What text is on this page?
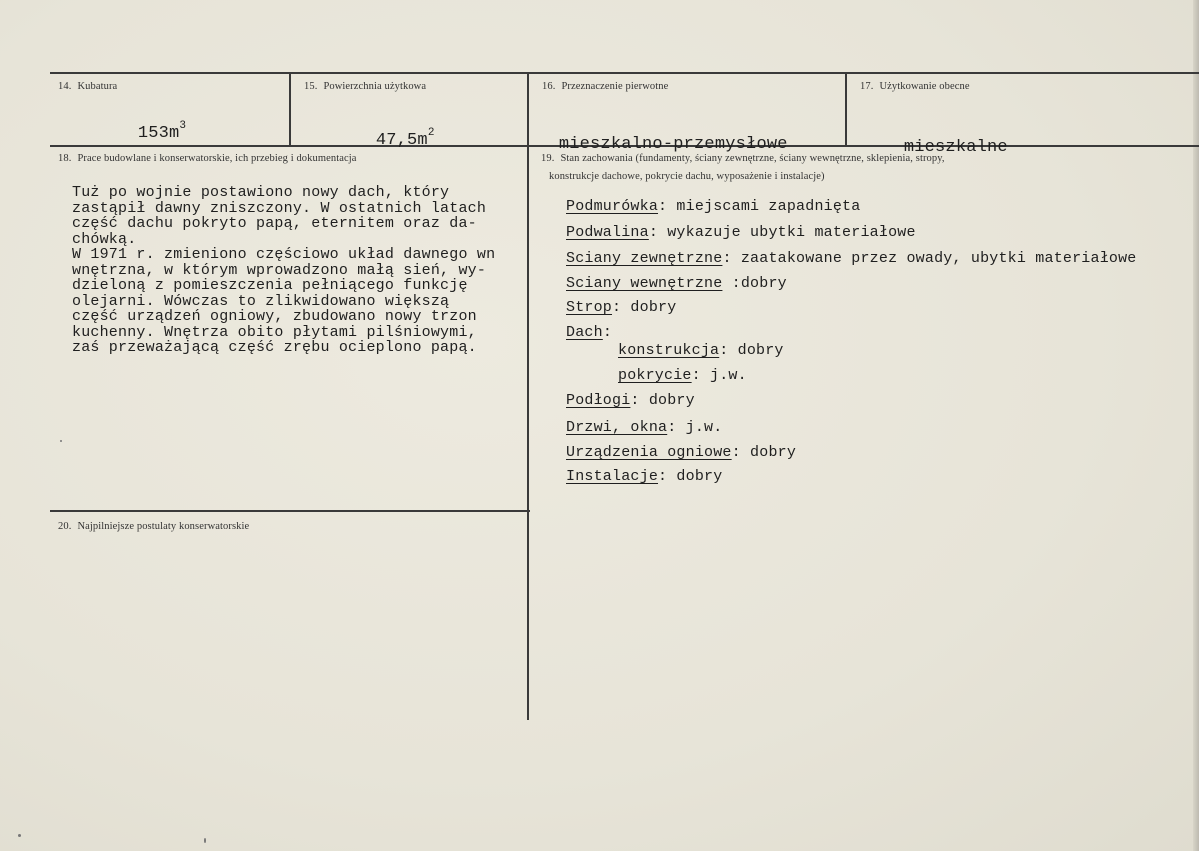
14. Kubatura

$153m^3$

15. Powierzchnia użytkowa

$47,5m^2$

16. Przeznaczenie pierwotne

mieszkalno-przemysłowe

17. Użytkowanie obecne

mieszkalne

18. Prace budowlane i konserwatorskie, ich przebieg i dokumentacja
Tuż po wojnie postawiono nowy dach, który
zastąpił dawny zniszczony. W ostatnich latach
część dachu pokryto papą, eternitem oraz da-
chówką.
W 1971 r. zmieniono częściowo układ dawnego wn
wnętrzna, w którym wprowadzono małą sień, wy-
dzieloną z pomieszczenia pełniącego funkcję
olejarni. Wówczas to zlikwidowano większą
część urządzeń ogniowy, zbudowano nowy trzon
kuchenny. Wnętrza obito płytami pilśniowymi,
zaś przeważającą część zrębu ocieplono papą.
19. Stan zachowania (fundamenty, ściany zewnętrzne, ściany wewnętrzne, sklepienia, stropy,
konstrukcje dachowe, pokrycie dachu, wyposażenie i instalacje)
Podmurówka: miejscami zapadnięta
Podwalina: wykazuje ubytki materiałowe
Sciany zewnętrzne: zaatakowane przez owady, ubytki materiałowe
Sciany wewnętrzne :dobry
Strop: dobry
Dach:
konstrukcja: dobry
pokrycie: j.w.
Podłogi: dobry
Drzwi, okna: j.w.
Urządzenia ogniowe: dobry
Instalacje: dobry
20. Najpilniejsze postulaty konserwatorskie
